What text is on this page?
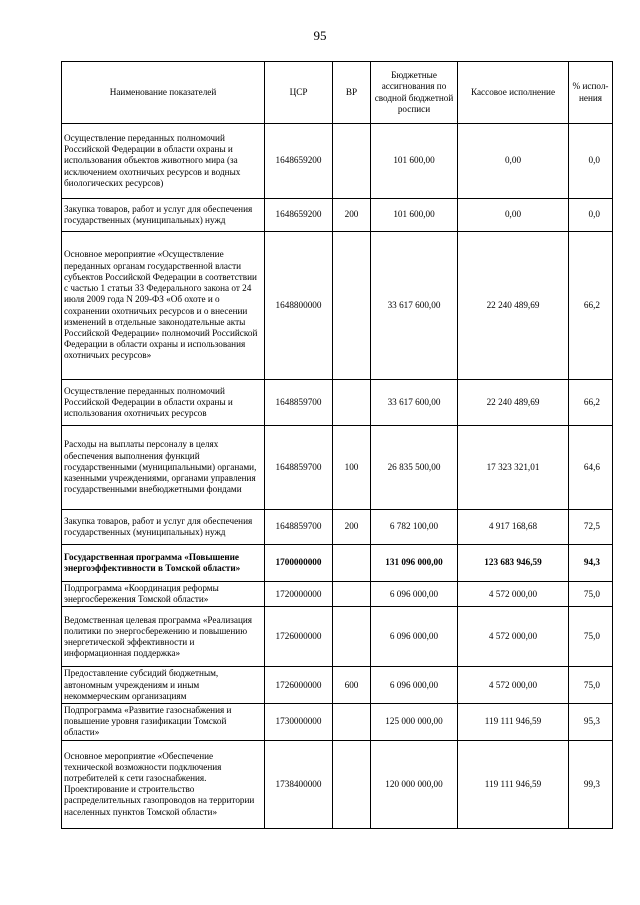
95
Наименование показателей	ЦСР	ВР	Бюджетные ассигнования по сводной бюджетной росписи	Кассовое исполнение	% испол-нения
Осуществление переданных полномочий Российской Федерации в области охраны и использования объектов животного мира (за исключением охотничьих ресурсов и водных биологических ресурсов)	1648659200		101 600,00	0,00	0,0
Закупка товаров, работ и услуг для обеспечения государственных (муниципальных) нужд	1648659200	200	101 600,00	0,00	0,0
Основное мероприятие «Осуществление переданных органам государственной власти субъектов Российской Федерации в соответствии с частью 1 статьи 33 Федерального закона от 24 июля 2009 года N 209-ФЗ «Об охоте и о сохранении охотничьих ресурсов и о внесении изменений в отдельные законодательные акты Российской Федерации» полномочий Российской Федерации в области охраны и использования охотничьих ресурсов»	1648800000		33 617 600,00	22 240 489,69	66,2
Осуществление переданных полномочий Российской Федерации в области охраны и использования охотничьих ресурсов	1648859700		33 617 600,00	22 240 489,69	66,2
Расходы на выплаты персоналу в целях обеспечения выполнения функций государственными (муниципальными) органами, казенными учреждениями, органами управления государственными внебюджетными фондами	1648859700	100	26 835 500,00	17 323 321,01	64,6
Закупка товаров, работ и услуг для обеспечения государственных (муниципальных) нужд	1648859700	200	6 782 100,00	4 917 168,68	72,5
Государственная программа «Повышение энергоэффективности в Томской области»	1700000000		131 096 000,00	123 683 946,59	94,3
Подпрограмма «Координация реформы энергосбережения Томской области»	1720000000		6 096 000,00	4 572 000,00	75,0
Ведомственная целевая программа «Реализация политики по энергосбережению и повышению энергетической эффективности и информационная поддержка»	1726000000		6 096 000,00	4 572 000,00	75,0
Предоставление субсидий бюджетным, автономным учреждениям и иным некоммерческим организациям	1726000000	600	6 096 000,00	4 572 000,00	75,0
Подпрограмма «Развитие газоснабжения и повышение уровня газификации Томской области»	1730000000		125 000 000,00	119 111 946,59	95,3
Основное мероприятие «Обеспечение технической возможности подключения потребителей к сети газоснабжения. Проектирование и строительство распределительных газопроводов на территории населенных пунктов Томской области»	1738400000		120 000 000,00	119 111 946,59	99,3
